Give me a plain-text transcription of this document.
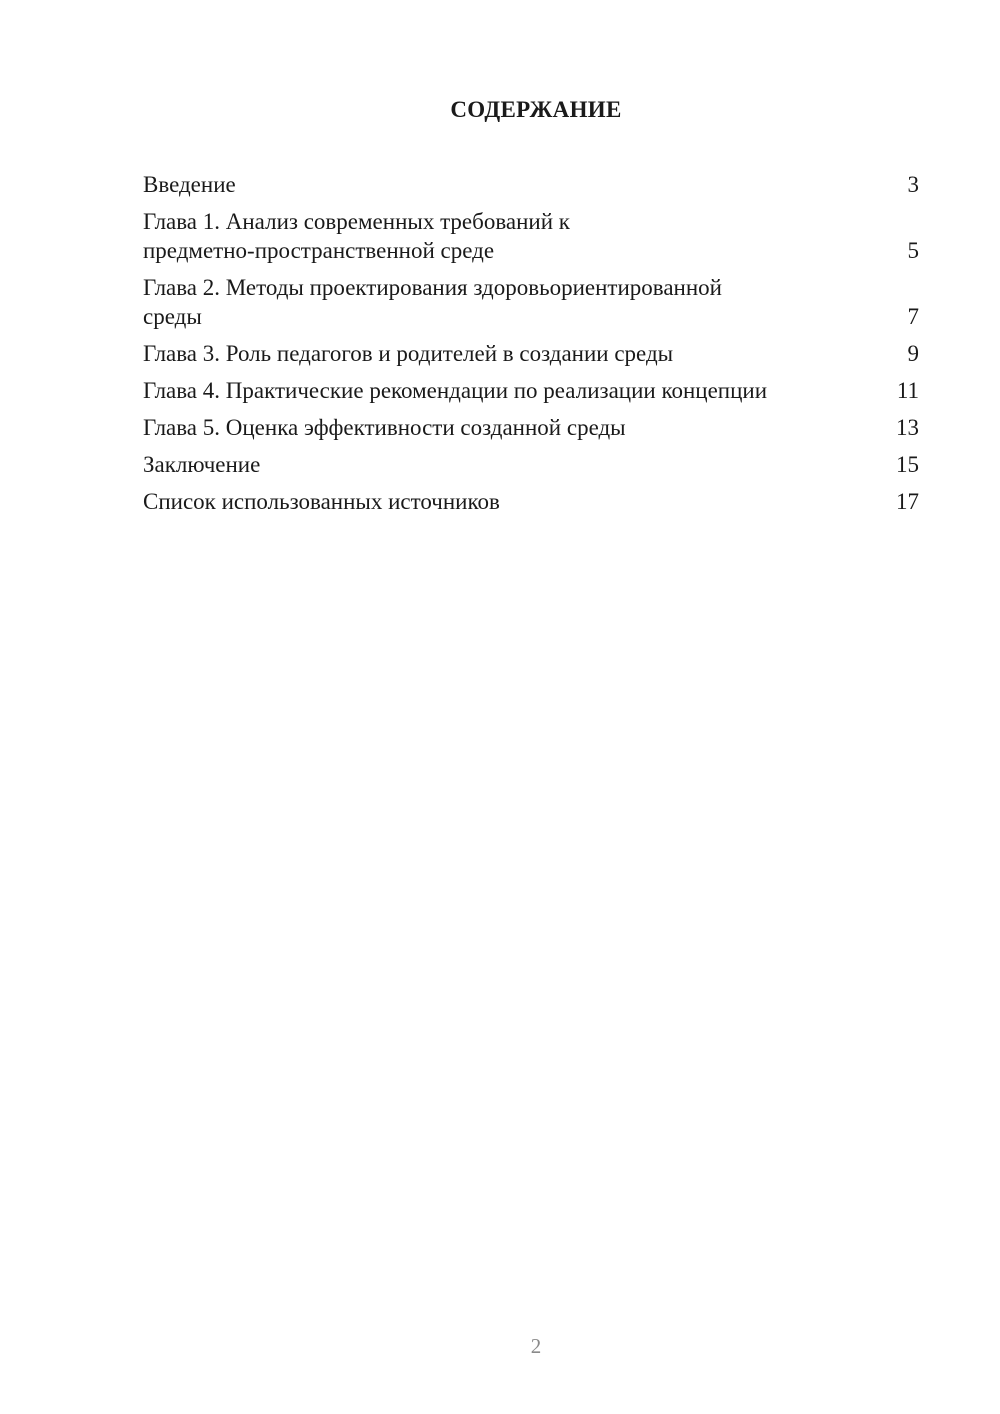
СОДЕРЖАНИЕ
Введение	3
Глава 1. Анализ современных требований к
предметно-пространственной среде	5
Глава 2. Методы проектирования здоровьориентированной
среды	7
Глава 3. Роль педагогов и родителей в создании среды	9
Глава 4. Практические рекомендации по реализации концепции	11
Глава 5. Оценка эффективности созданной среды	13
Заключение	15
Список использованных источников	17
2
